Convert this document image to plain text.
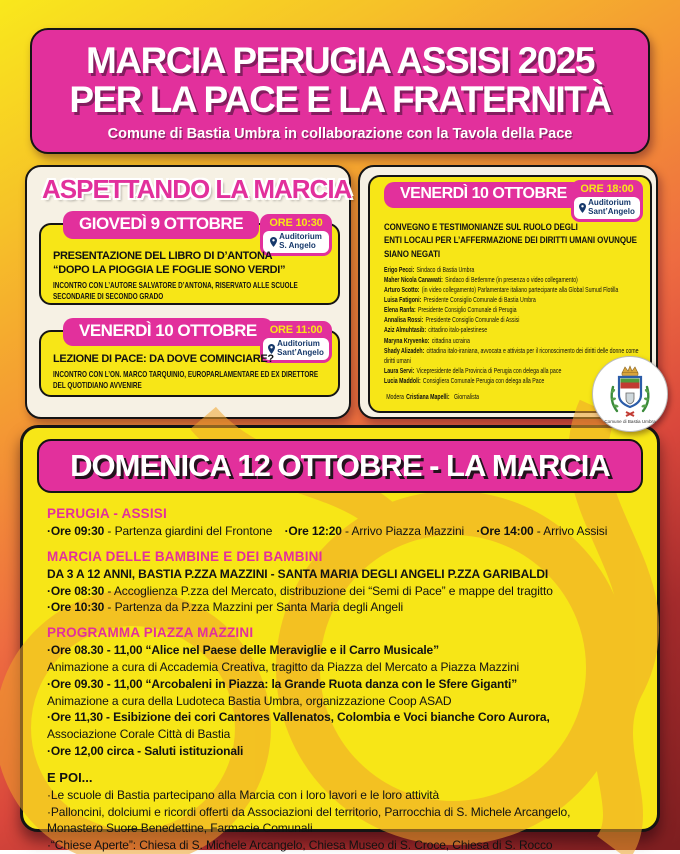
MARCIA PERUGIA ASSISI 2025
PER LA PACE E LA FRATERNITÀ
Comune di Bastia Umbra in collaborazione con la Tavola della Pace
ASPETTANDO LA MARCIA
GIOVEDÌ 9 OTTOBRE	ORE 10:30
Auditorium
S. Angelo
PRESENTAZIONE DEL LIBRO DI D’ANTONA
“DOPO LA PIOGGIA LE FOGLIE SONO VERDI”
INCONTRO CON L’AUTORE SALVATORE D’ANTONA, RISERVATO ALLE SCUOLE SECONDARIE DI SECONDO GRADO
VENERDÌ 10 OTTOBRE	ORE 11:00
Auditorium
Sant’Angelo
LEZIONE DI PACE: DA DOVE COMINCIARE?
INCONTRO CON L’ON. MARCO TARQUINIO, EUROPARLAMENTARE ED EX DIRETTORE DEL QUOTIDIANO AVVENIRE
VENERDÌ 10 OTTOBRE	ORE 18:00
Auditorium
Sant’Angelo
CONVEGNO E TESTIMONIANZE SUL RUOLO DEGLI
ENTI LOCALI PER L’AFFERMAZIONE DEI DIRITTI UMANI OVUNQUE
SIANO NEGATI
Erigo Pecci: Sindaco di Bastia Umbra
Maher Nicola Canawati: Sindaco di Betlemme (in presenza o video collegamento)
Arturo Scotto: (in video collegamento) Parlamentare italiano partecipante alla Global Sumud Flotilla
Luisa Fatigoni: Presidente Consiglio Comunale di Bastia Umbra
Elena Ranfa: Presidente Consiglio Comunale di Perugia
Annalisa Rossi: Presidente Consiglio Comunale di Assisi
Aziz Almuhtasib: cittadino italo-palestinese
Maryna Kryvenko: cittadina ucraina
Shady Alizadeh: cittadina italo-iraniana, avvocata e attivista per il riconoscimento dei diritti delle donne come diritti umani
Laura Servi: Vicepresidente della Provincia di Perugia con delega alla pace
Lucia Maddoli: Consigliera Comunale Perugia con delega alla Pace
Modera Cristiana Mapelli: Giornalista
Comune di Bastia Umbra
DOMENICA 12 OTTOBRE - LA MARCIA
PERUGIA - ASSISI
·Ore 09:30 - Partenza giardini del Frontone ·Ore 12:20 - Arrivo Piazza Mazzini ·Ore 14:00 - Arrivo Assisi
MARCIA DELLE BAMBINE E DEI BAMBINI
DA 3 A 12 ANNI, BASTIA P.ZZA MAZZINI - SANTA MARIA DEGLI ANGELI P.ZZA GARIBALDI
·Ore 08:30 - Accoglienza P.zza del Mercato, distribuzione dei “Semi di Pace” e mappe del tragitto
·Ore 10:30 - Partenza da P.zza Mazzini per Santa Maria degli Angeli
PROGRAMMA PIAZZA MAZZINI
·Ore 08.30 - 11,00 “Alice nel Paese delle Meraviglie e il Carro Musicale”
Animazione a cura di Accademia Creativa, tragitto da Piazza del Mercato a Piazza Mazzini
·Ore 09.30 - 11,00 “Arcobaleni in Piazza: la Grande Ruota danza con le Sfere Giganti”
Animazione a cura della Ludoteca Bastia Umbra, organizzazione Coop ASAD
·Ore 11,30 - Esibizione dei cori Cantores Vallenatos, Colombia e Voci bianche Coro Aurora,
Associazione Corale Città di Bastia
·Ore 12,00 circa - Saluti istituzionali
E POI...
·Le scuole di Bastia partecipano alla Marcia con i loro lavori e le loro attività
·Palloncini, dolciumi e ricordi offerti da Associazioni del territorio, Parrocchia di S. Michele Arcangelo,
Monastero Suore Benedettine, Farmacie Comunali
·“Chiese Aperte”: Chiesa di S. Michele Arcangelo, Chiesa Museo di S. Croce, Chiesa di S. Rocco
